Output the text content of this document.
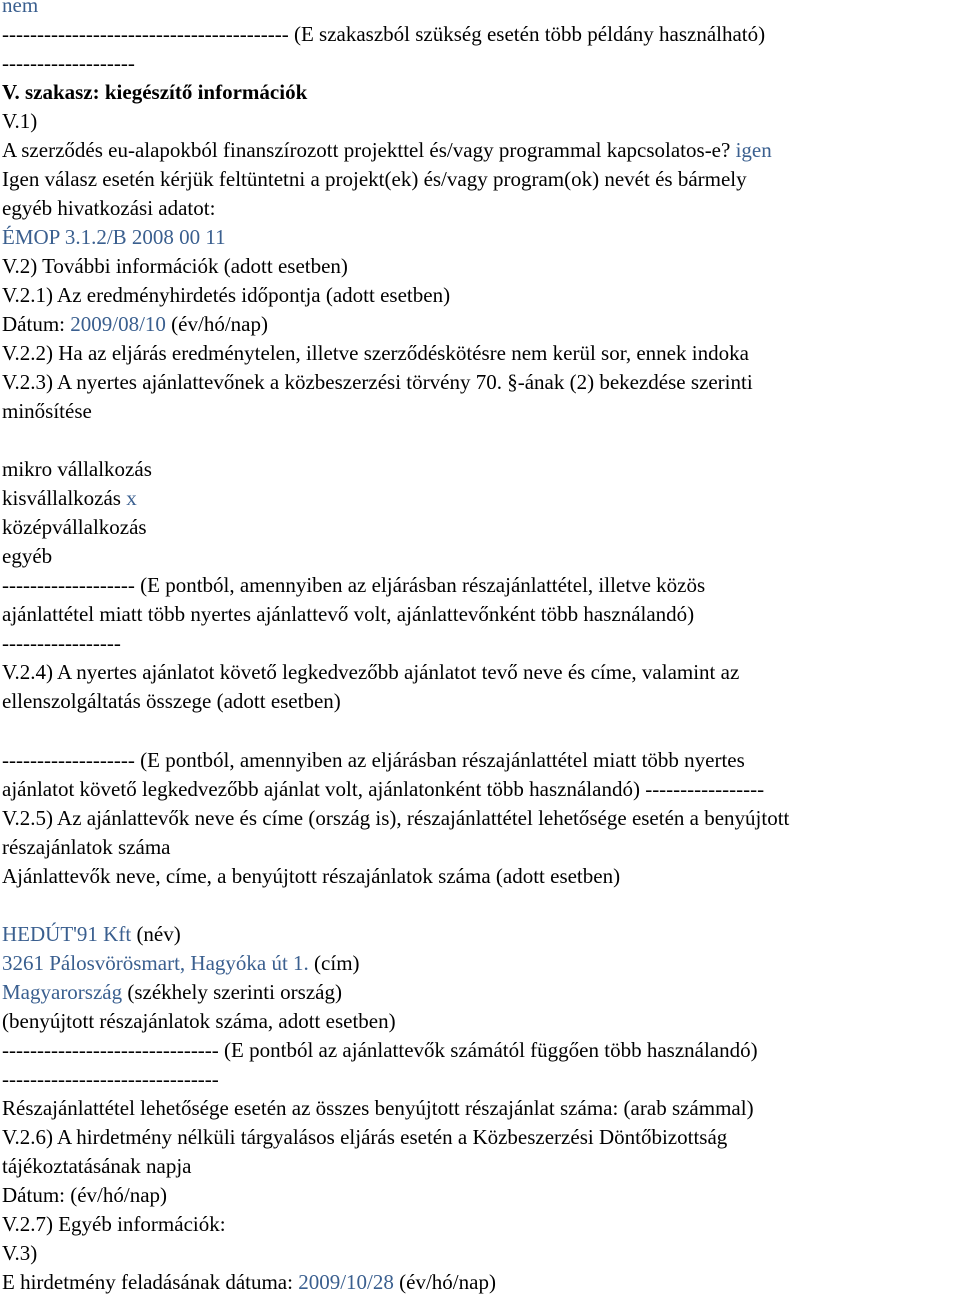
nem
----------------------------------------- (E szakaszból szükség esetén több példány használható)
-------------------
V. szakasz: kiegészítő információk
V.1)
A szerződés eu-alapokból finanszírozott projekttel és/vagy programmal kapcsolatos-e? igen
Igen válasz esetén kérjük feltüntetni a projekt(ek) és/vagy program(ok) nevét és bármely
egyéb hivatkozási adatot:
ÉMOP 3.1.2/B 2008 00 11
V.2) További információk (adott esetben)
V.2.1) Az eredményhirdetés időpontja (adott esetben)
Dátum: 2009/08/10 (év/hó/nap)
V.2.2) Ha az eljárás eredménytelen, illetve szerződéskötésre nem kerül sor, ennek indoka
V.2.3) A nyertes ajánlattevőnek a közbeszerzési törvény 70. §-ának (2) bekezdése szerinti
minősítése
mikro vállalkozás
kisvállalkozás x
középvállalkozás
egyéb
------------------- (E pontból, amennyiben az eljárásban részajánlattétel, illetve közös
ajánlattétel miatt több nyertes ajánlattevő volt, ajánlattevőnként több használandó)
-----------------
V.2.4) A nyertes ajánlatot követő legkedvezőbb ajánlatot tevő neve és címe, valamint az
ellenszolgáltatás összege (adott esetben)
------------------- (E pontból, amennyiben az eljárásban részajánlattétel miatt több nyertes
ajánlatot követő legkedvezőbb ajánlat volt, ajánlatonként több használandó) -----------------
V.2.5) Az ajánlattevők neve és címe (ország is), részajánlattétel lehetősége esetén a benyújtott
részajánlatok száma
Ajánlattevők neve, címe, a benyújtott részajánlatok száma (adott esetben)
HEDÚT'91 Kft (név)
3261 Pálosvörösmart, Hagyóka út 1. (cím)
Magyarország (székhely szerinti ország)
(benyújtott részajánlatok száma, adott esetben)
------------------------------- (E pontból az ajánlattevők számától függően több használandó)
-------------------------------
Részajánlattétel lehetősége esetén az összes benyújtott részajánlat száma: (arab számmal)
V.2.6) A hirdetmény nélküli tárgyalásos eljárás esetén a Közbeszerzési Döntőbizottság
tájékoztatásának napja
Dátum: (év/hó/nap)
V.2.7) Egyéb információk:
V.3)
E hirdetmény feladásának dátuma: 2009/10/28 (év/hó/nap)
